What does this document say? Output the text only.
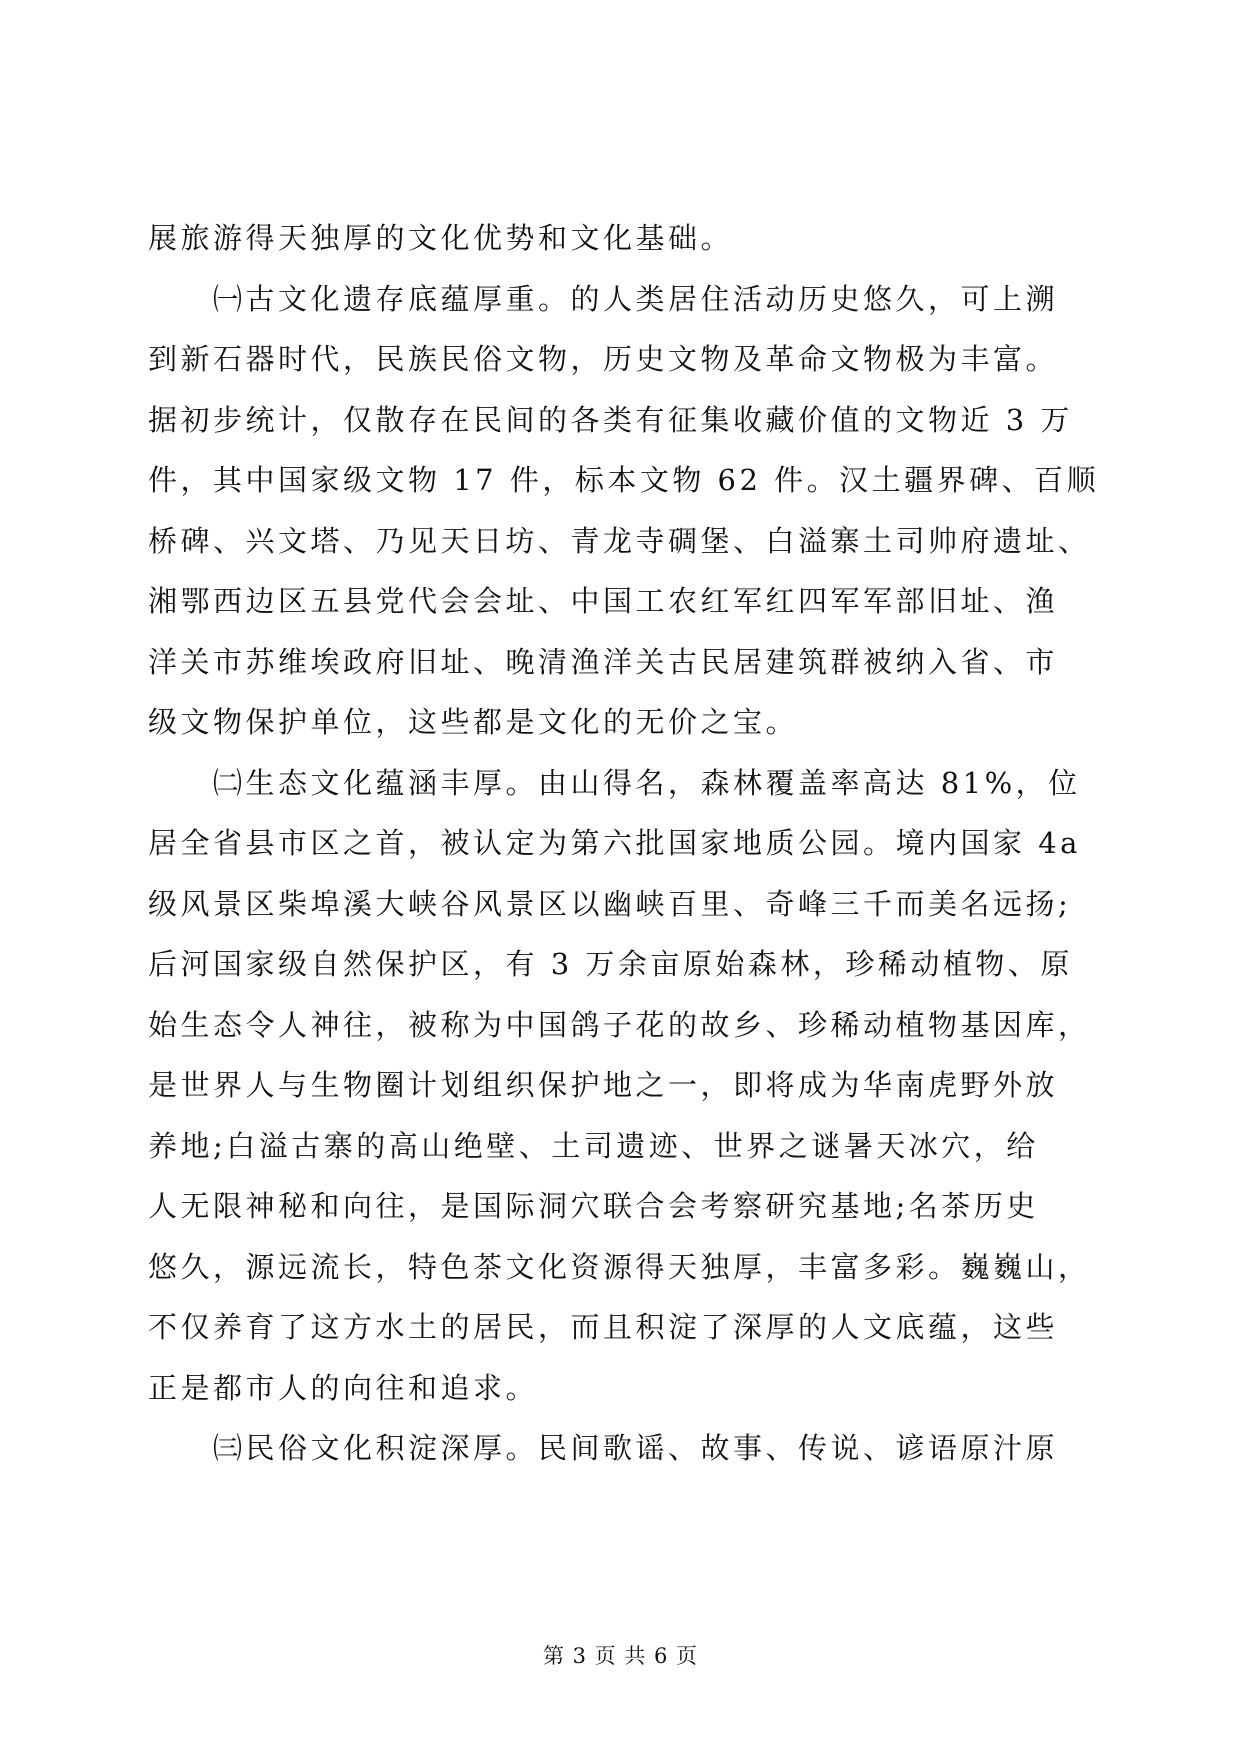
展旅游得天独厚的文化优势和文化基础。
　　㈠古文化遗存底蕴厚重。的人类居住活动历史悠久，可上溯
到新石器时代，民族民俗文物，历史文物及革命文物极为丰富。
据初步统计，仅散存在民间的各类有征集收藏价值的文物近 3 万
件，其中国家级文物 17 件，标本文物 62 件。汉土疆界碑、百顺
桥碑、兴文塔、乃见天日坊、青龙寺碉堡、白溢寨土司帅府遗址、
湘鄂西边区五县党代会会址、中国工农红军红四军军部旧址、渔
洋关市苏维埃政府旧址、晚清渔洋关古民居建筑群被纳入省、市
级文物保护单位，这些都是文化的无价之宝。
　　㈡生态文化蕴涵丰厚。由山得名，森林覆盖率高达 81%，位
居全省县市区之首，被认定为第六批国家地质公园。境内国家 4a
级风景区柴埠溪大峡谷风景区以幽峡百里、奇峰三千而美名远扬;
后河国家级自然保护区，有 3 万余亩原始森林，珍稀动植物、原
始生态令人神往，被称为中国鸽子花的故乡、珍稀动植物基因库，
是世界人与生物圈计划组织保护地之一，即将成为华南虎野外放
养地;白溢古寨的高山绝壁、土司遗迹、世界之谜暑天冰穴，给
人无限神秘和向往，是国际洞穴联合会考察研究基地;名茶历史
悠久，源远流长，特色茶文化资源得天独厚，丰富多彩。巍巍山，
不仅养育了这方水土的居民，而且积淀了深厚的人文底蕴，这些
正是都市人的向往和追求。
　　㈢民俗文化积淀深厚。民间歌谣、故事、传说、谚语原汁原
第 3 页 共 6 页
